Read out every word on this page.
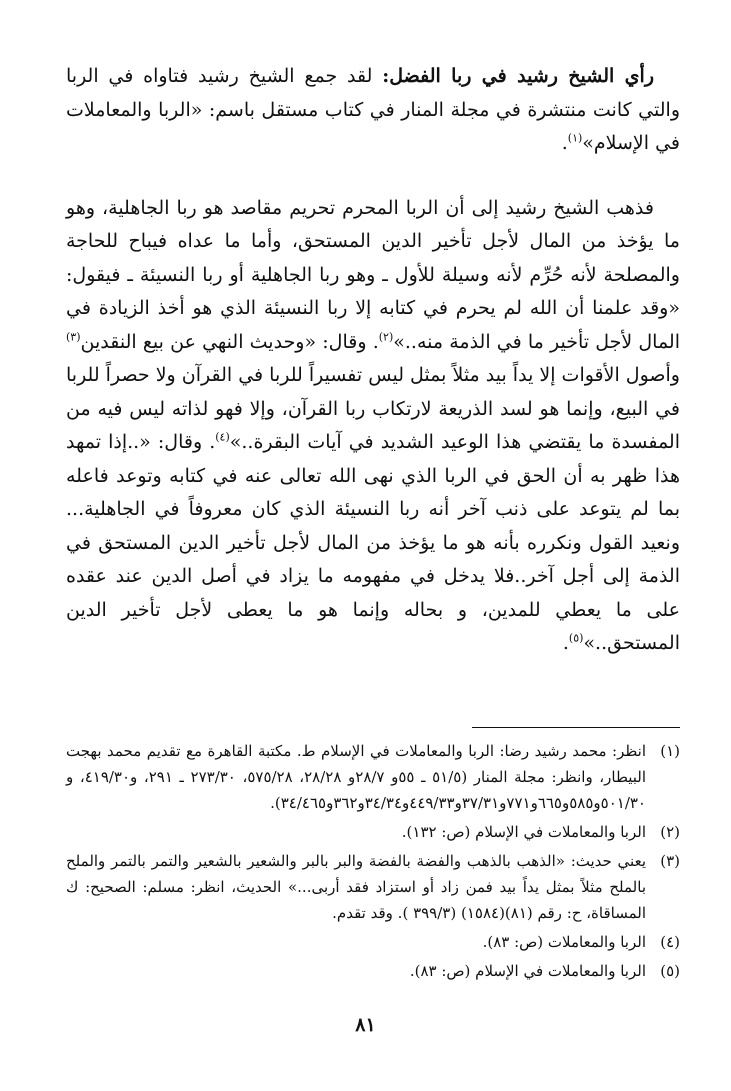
رأي الشيخ رشيد في ربا الفضل: لقد جمع الشيخ رشيد فتاواه في الربا والتي كانت منتشرة في مجلة المنار في كتاب مستقل باسم: «الربا والمعاملات في الإسلام»$^{(١)}$.

فذهب الشيخ رشيد إلى أن الربا المحرم تحريم مقاصد هو ربا الجاهلية، وهو ما يؤخذ من المال لأجل تأخير الدين المستحق، وأما ما عداه فيباح للحاجة والمصلحة لأنه حُرِّم لأنه وسيلة للأول ـ وهو ربا الجاهلية أو ربا النسيئة ـ فيقول: «وقد علمنا أن الله لم يحرم في كتابه إلا ربا النسيئة الذي هو أخذ الزيادة في المال لأجل تأخير ما في الذمة منه..»$^{(٢)}$. وقال: «وحديث النهي عن بيع النقدين$^{(٣)}$ وأصول الأقوات إلا يداً بيد مثلاً بمثل ليس تفسيراً للربا في القرآن ولا حصراً للربا في البيع، وإنما هو لسد الذريعة لارتكاب ربا القرآن، وإلا فهو لذاته ليس فيه من المفسدة ما يقتضي هذا الوعيد الشديد في آيات البقرة..»$^{(٤)}$. وقال: «..إذا تمهد هذا ظهر به أن الحق في الربا الذي نهى الله تعالى عنه في كتابه وتوعد فاعله بما لم يتوعد على ذنب آخر أنه ربا النسيئة الذي كان معروفاً في الجاهلية... ونعيد القول ونكرره بأنه هو ما يؤخذ من المال لأجل تأخير الدين المستحق في الذمة إلى أجل آخر..فلا يدخل في مفهومه ما يزاد في أصل الدين عند عقده على ما يعطي للمدين، و بحاله وإنما هو ما يعطى لأجل تأخير الدين المستحق..»$^{(٥)}$.

(١)
انظر: محمد رشيد رضا: الربا والمعاملات في الإسلام ط. مكتبة القاهرة مع تقديم محمد بهجت البيطار، وانظر: مجلة المنار (٥١/٥ ـ ٥٥و ٢٨/٧و ٢٨/٢٨، ٥٧٥/٢٨، ٢٧٣/٣٠ ـ ٢٩١، و٤١٩/٣٠، و ٥٠١/٣٠و٥٨٥و٦٦٥و٧٧١و٣٧/٣١و٤٤٩/٣٣و٣٤/٣٤و٣٦٢و٣٤/٤٦٥).
(٢)
الربا والمعاملات في الإسلام (ص: ١٣٢).
(٣)
يعني حديث: «الذهب بالذهب والفضة بالفضة والبر بالبر والشعير بالشعير والتمر بالتمر والملح بالملح مثلاً بمثل يداً بيد فمن زاد أو استزاد فقد أربى...» الحديث، انظر: مسلم: الصحيح: ك المساقاة، ح: رقم (٨١)(١٥٨٤) (٣٩٩/٣ ). وقد تقدم.
(٤)
الربا والمعاملات (ص: ٨٣).
(٥)
الربا والمعاملات في الإسلام (ص: ٨٣).
٨١
